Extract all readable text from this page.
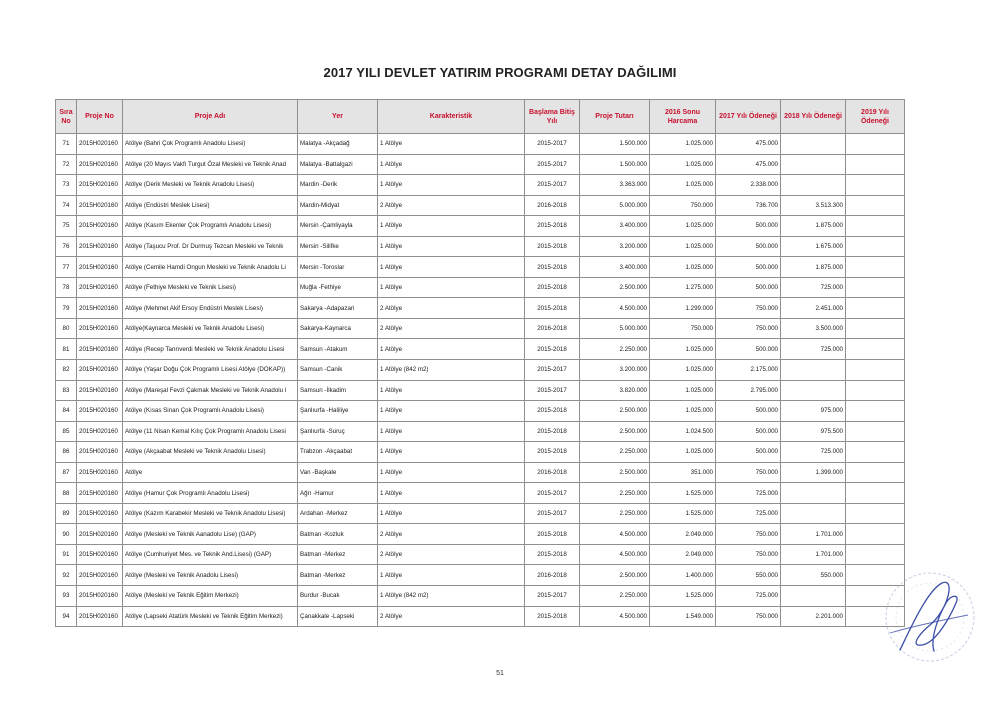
2017 YILI DEVLET YATIRIM PROGRAMI DETAY DAĞILIMI
Sıra No	Proje No	Proje Adı	Yer	Karakteristik	Başlama Bitiş Yılı	Proje Tutarı	2016 Sonu Harcama	2017 Yılı Ödeneği	2018 Yılı Ödeneği	2019 Yılı Ödeneği
71	2015H020160	Atölye (Bahri Çok Programlı Anadolu Lisesi)	Malatya -Akçadağ	1 Atölye	2015-2017	1.500.000	1.025.000	475.000		
72	2015H020160	Atölye (20 Mayıs Vakfı Turgut Özal Mesleki ve Teknik Anad	Malatya -Battalgazi	1 Atölye	2015-2017	1.500.000	1.025.000	475.000		
73	2015H020160	Atölye (Derik Mesleki ve Teknik Anadolu Lisesi)	Mardin -Derik	1 Atölye	2015-2017	3.363.000	1.025.000	2.338.000		
74	2015H020160	Atölye (Endüstri Meslek Lisesi)	Mardin-Midyat	2 Atölye	2016-2018	5.000.000	750.000	736.700	3.513.300	
75	2015H020160	Atölye (Kasım Ekenler Çok Programlı Anadolu Lisesi)	Mersin -Çamliyayla	1 Atölye	2015-2018	3.400.000	1.025.000	500.000	1.875.000	
76	2015H020160	Atölye (Taşucu Prof. Dr Durmuş Tezcan Mesleki ve Teknik	Mersin -Silifke	1 Atölye	2015-2018	3.200.000	1.025.000	500.000	1.675.000	
77	2015H020160	Atölye (Cemile Hamdi Ongun Mesleki ve Teknik Anadolu Li	Mersin -Toroslar	1 Atölye	2015-2018	3.400.000	1.025.000	500.000	1.875.000	
78	2015H020160	Atölye (Fethiye Mesleki ve Teknik Lisesi)	Muğla -Fethiye	1 Atölye	2015-2018	2.500.000	1.275.000	500.000	725.000	
79	2015H020160	Atölye (Mehmet Akif Ersoy Endüstri Meslek Lisesi)	Sakarya -Adapazari	2 Atölye	2015-2018	4.500.000	1.299.000	750.000	2.451.000	
80	2015H020160	Atölye(Kaynarca Mesleki ve Teknik Anadolu Lisesi)	Sakarya-Kaynarca	2 Atölye	2016-2018	5.000.000	750.000	750.000	3.500.000	
81	2015H020160	Atölye (Recep Tanrıverdi Mesleki ve Teknik Anadolu Lisesi	Samsun -Atakum	1 Atölye	2015-2018	2.250.000	1.025.000	500.000	725.000	
82	2015H020160	Atölye (Yaşar Doğu Çok Programlı Lisesi Atölye (DOKAP))	Samsun -Canik	1 Atölye (842 m2)	2015-2017	3.200.000	1.025.000	2.175.000		
83	2015H020160	Atölye (Mareşal Fevzi Çakmak Mesleki ve Teknik Anadolu l	Samsun -İlkadim	1 Atölye	2015-2017	3.820.000	1.025.000	2.795.000		
84	2015H020160	Atölye (Kısas Sinan Çok Programlı Anadolu Lisesi)	Şanlıurfa -Haliliye	1 Atölye	2015-2018	2.500.000	1.025.000	500.000	975.000	
85	2015H020160	Atölye (11 Nisan Kemal Kılıç Çok Programlı Anadolu Lisesi	Şanlıurfa -Suruç	1 Atölye	2015-2018	2.500.000	1.024.500	500.000	975.500	
86	2015H020160	Atölye (Akçaabat Mesleki ve Teknik Anadolu Lisesi)	Trabzon -Akçaabat	1 Atölye	2015-2018	2.250.000	1.025.000	500.000	725.000	
87	2015H020160	Atölye	Van -Başkale	1 Atölye	2016-2018	2.500.000	351.000	750.000	1.399.000	
88	2015H020160	Atölye (Hamur Çok Programlı Anadolu Lisesi)	Ağrı -Hamur	1 Atölye	2015-2017	2.250.000	1.525.000	725.000		
89	2015H020160	Atölye (Kazım Karabekir Mesleki ve Teknik Anadolu Lisesi)	Ardahan -Merkez	1 Atölye	2015-2017	2.250.000	1.525.000	725.000		
90	2015H020160	Atölye (Mesleki ve Teknik Aanadolu Lise) (GAP)	Batman -Kozluk	2 Atölye	2015-2018	4.500.000	2.049.000	750.000	1.701.000	
91	2015H020160	Atölye (Cumhuriyet Mes. ve Teknik And.Lisesi) (GAP)	Batman -Merkez	2 Atölye	2015-2018	4.500.000	2.049.000	750.000	1.701.000	
92	2015H020160	Atölye (Mesleki ve Teknik Anadolu Lisesi)	Batman -Merkez	1 Atölye	2016-2018	2.500.000	1.400.000	550.000	550.000	
93	2015H020160	Atölye (Mesleki ve Teknik Eğitim Merkezi)	Burdur -Bucak	1 Atölye (842 m2)	2015-2017	2.250.000	1.525.000	725.000		
94	2015H020160	Atölye (Lapseki Atatürk Mesleki ve Teknik Eğitim Merkezi)	Çanakkale -Lapseki	2 Atölye	2015-2018	4.500.000	1.549.000	750.000	2.201.000	
51
